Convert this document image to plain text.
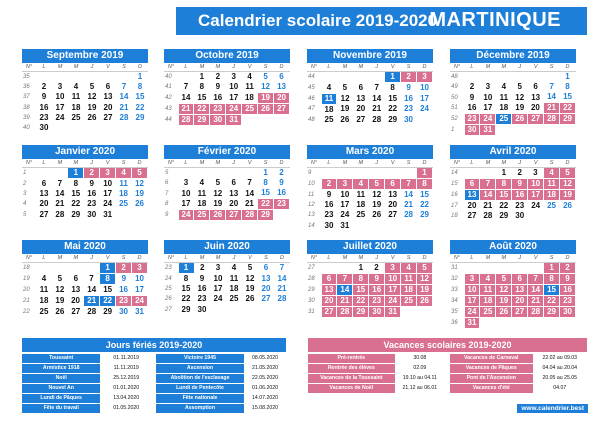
Calendrier scolaire 2019-2020
MARTINIQUE
Septembre 2019
N°	L	M	M	J	V	S	D
35							1
36	2	3	4	5	6	7	8
37	9	10	11	12	13	14	15
38	16	17	18	19	20	21	22
39	23	24	25	26	27	28	29
40	30						
Octobre 2019
N°	L	M	M	J	V	S	D
40		1	2	3	4	5	6
41	7	8	9	10	11	12	13
42	14	15	16	17	18	19	20
43	21	22	23	24	25	26	27
44	28	29	30	31			
Novembre 2019
N°	L	M	M	J	V	S	D
44					1	2	3
45	4	5	6	7	8	9	10
46	11	12	13	14	15	16	17
47	18	19	20	21	22	23	24
48	25	26	27	28	29	30	
Décembre 2019
N°	L	M	M	J	V	S	D
48							1
49	2	3	4	5	6	7	8
50	9	10	11	12	13	14	15
51	16	17	18	19	20	21	22
52	23	24	25	26	27	28	29
1	30	31					
Janvier 2020
N°	L	M	M	J	V	S	D
1			1	2	3	4	5
2	6	7	8	9	10	11	12
3	13	14	15	16	17	18	19
4	20	21	22	23	24	25	26
5	27	28	29	30	31		
Février 2020
N°	L	M	M	J	V	S	D
5						1	2
6	3	4	5	6	7	8	9
7	10	11	12	13	14	15	16
8	17	18	19	20	21	22	23
9	24	25	26	27	28	29	
Mars 2020
N°	L	M	M	J	V	S	D
9							1
10	2	3	4	5	6	7	8
11	9	10	11	12	13	14	15
12	16	17	18	19	20	21	22
13	23	24	25	26	27	28	29
14	30	31					
Avril 2020
N°	L	M	M	J	V	S	D
14			1	2	3	4	5
15	6	7	8	9	10	11	12
16	13	14	15	16	17	18	19
17	20	21	22	23	24	25	26
18	27	28	29	30			
Mai 2020
N°	L	M	M	J	V	S	D
18					1	2	3
19	4	5	6	7	8	9	10
20	11	12	13	14	15	16	17
21	18	19	20	21	22	23	24
22	25	26	27	28	29	30	31
Juin 2020
N°	L	M	M	J	V	S	D
23	1	2	3	4	5	6	7
24	8	9	10	11	12	13	14
25	15	16	17	18	19	20	21
26	22	23	24	25	26	27	28
27	29	30					
Juillet 2020
N°	L	M	M	J	V	S	D
27			1	2	3	4	5
28	6	7	8	9	10	11	12
29	13	14	15	16	17	18	19
30	20	21	22	23	24	25	26
31	27	28	29	30	31		
Août 2020
N°	L	M	M	J	V	S	D
31						1	2
32	3	4	5	6	7	8	9
33	10	11	12	13	14	15	16
34	17	18	19	20	21	22	23
35	24	25	26	27	28	29	30
36	31						
Jours fériés 2019-2020
Toussaint	01.11.2019
Armistice 1918	11.11.2019
Noël	25.12.2019
Nouvel An	01.01.2020
Lundi de Pâques	13.04.2020
Fête du travail	01.05.2020
Victoire 1945	08.05.2020
Ascension	21.05.2020
Abolition de l'esclavage	22.05.2020
Lundi de Pentecôte	01.06.2020
Fête nationale	14.07.2020
Assomption	15.08.2020
Vacances scolaires 2019-2020
Pré-rentrée	30.08
Rentrée des élèves	02.09
Vacances de la Toussaint	19.10 au 04.11
Vacances de Noël	21.12 au 06.01
Vacances de Carnaval	22.02 au 09.03
Vacances de Pâques	04.04 au 20.04
Pont de l'Ascension	20.05 au 25.05
Vacances d'été	04.07
www.calendrier.best
